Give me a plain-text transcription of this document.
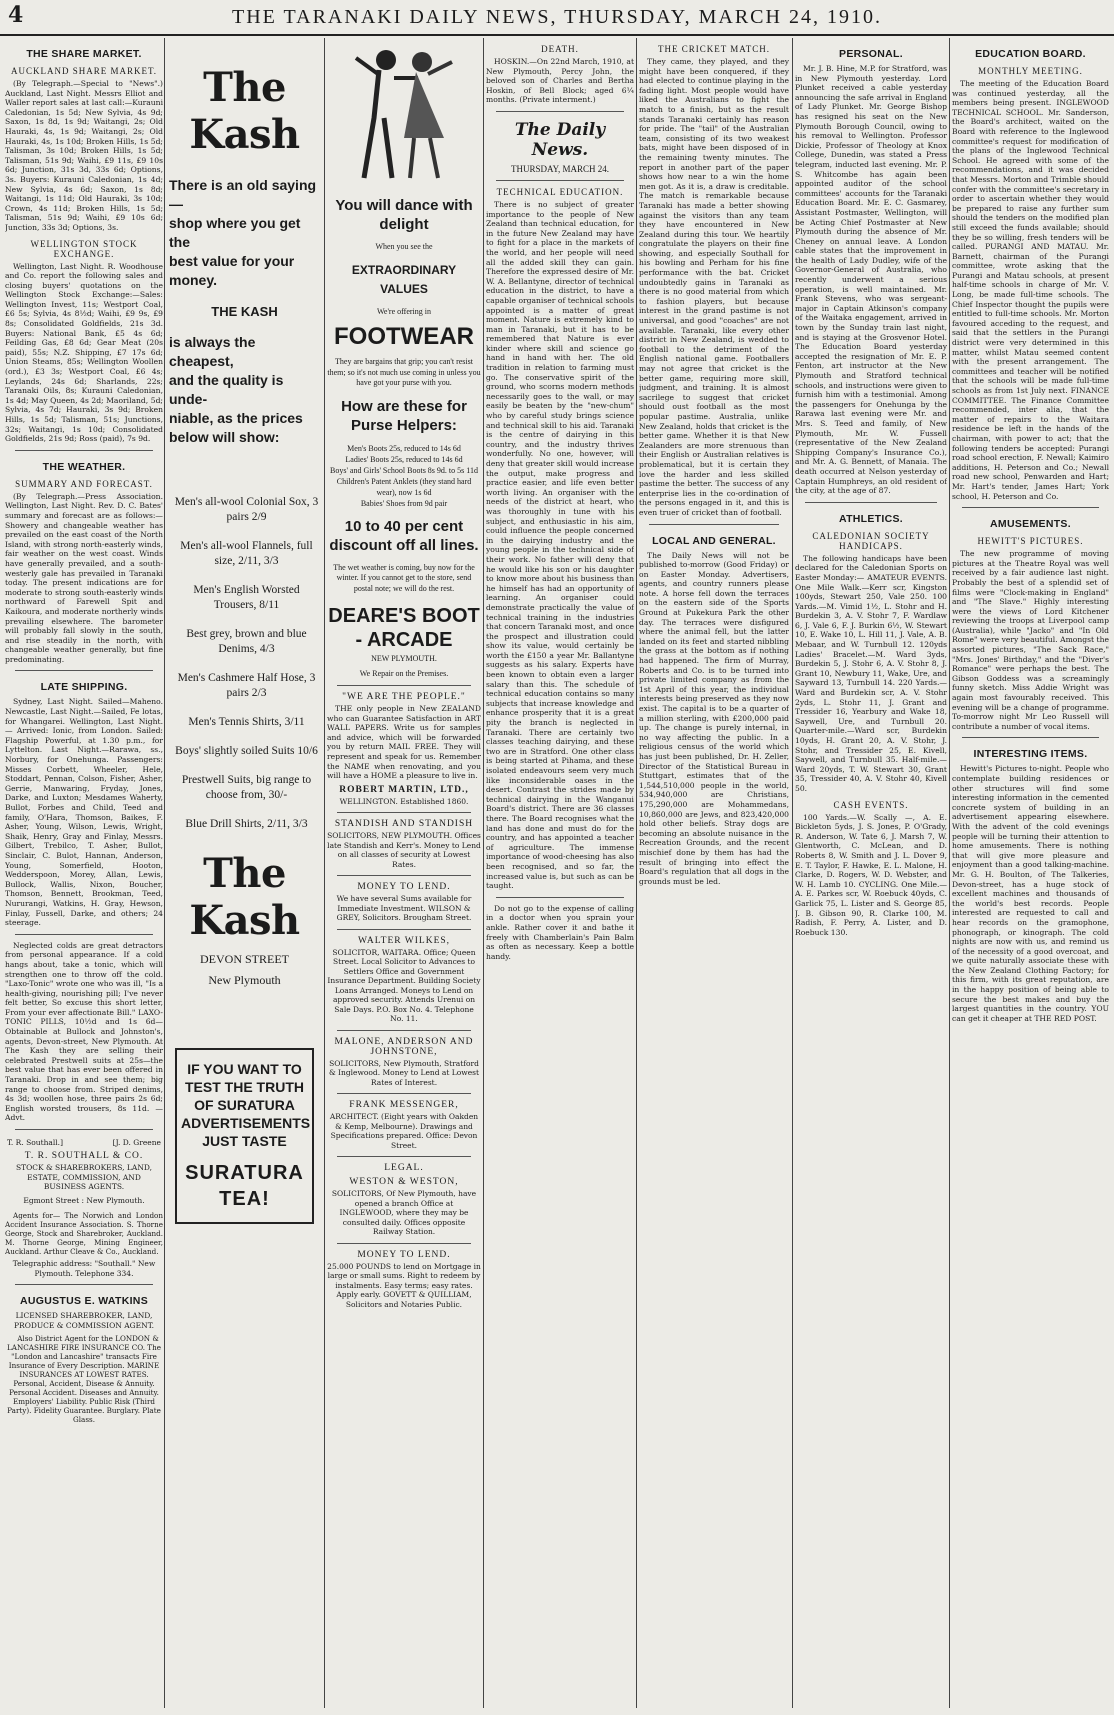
4	THE TARANAKI DAILY NEWS, THURSDAY, MARCH 24, 1910.
THE SHARE MARKET.
AUCKLAND SHARE MARKET.

(By Telegraph.—Special to "News".) Auckland, Last Night. Messrs Elliot and Waller report sales at last call:—Kurauni Caledonian, 1s 5d; New Sylvia, 4s 9d; Saxon, 1s 8d, 1s 9d; Waitangi, 2s; Old Hauraki, 4s, 1s 9d; Waitangi, 2s; Old Hauraki, 4s, 1s 10d; Broken Hills, 1s 5d; Talisman, 3s 10d; Broken Hills, 1s 5d; Talisman, 51s 9d; Waihi, £9 11s, £9 10s 6d; Junction, 31s 3d, 33s 6d; Options, 3s. Buyers: Kurauni Caledonian, 1s 4d; New Sylvia, 4s 6d; Saxon, 1s 8d; Waitangi, 1s 11d; Old Hauraki, 3s 10d; Crown, 4s 11d; Broken Hills, 1s 5d; Talisman, 51s 9d; Waihi, £9 10s 6d; Junction, 33s 3d; Options, 3s.

WELLINGTON STOCK EXCHANGE.

Wellington, Last Night. R. Woodhouse and Co. report the following sales and closing buyers' quotations on the Wellington Stock Exchange:—Sales: Wellington Invest, 11s; Westport Coal, £6 5s; Sylvia, 4s 8½d; Waihi, £9 9s, £9 8s; Consolidated Goldfields, 21s 3d. Buyers: National Bank, £5 4s 6d; Feilding Gas, £8 6d; Gear Meat (20s paid), 55s; N.Z. Shipping, £7 17s 6d; Union Steams, 85s; Wellington Woollen (ord.), £3 3s; Westport Coal, £6 4s; Leylands, 24s 6d; Sharlands, 22s; Taranaki Oils, 8s; Kurauni Caledonian, 1s 4d; May Queen, 4s 2d; Maoriland, 5d; Sylvia, 4s 7d; Hauraki, 3s 9d; Broken Hills, 1s 5d; Talisman, 51s; Junctions, 32s; Waitangi, 1s 10d; Consolidated Goldfields, 21s 9d; Ross (paid), 7s 9d.

THE WEATHER.
SUMMARY AND FORECAST.

(By Telegraph.—Press Association. Wellington, Last Night. Rev. D. C. Bates' summary and forecast are as follows:—Showery and changeable weather has prevailed on the east coast of the North Island, with strong north-easterly winds, fair weather on the west coast. Winds have generally prevailed, and a south-westerly gale has prevailed in Taranaki today. The present indications are for moderate to strong south-easterly winds northward of Farewell Spit and Kaikoura, and moderate northerly winds prevailing elsewhere. The barometer will probably fall slowly in the south, and rise steadily in the north, with changeable weather generally, but fine predominating.

LATE SHIPPING.

Sydney, Last Night. Sailed—Maheno. Newcastle, Last Night.—Sailed, Fe lotas, for Whangarei. Wellington, Last Night. — Arrived: Ionic, from London. Sailed: Flagship Powerful, at 1.30 p.m., for Lyttelton. Last Night.—Rarawa, ss., Norbury, for Onehunga. Passengers: Misses Corbett, Wheeler, Hele, Stoddart, Pennan, Colson, Fisher, Asher, Gerrie, Manwaring, Fryday, Jones, Darke, and Luxton; Mesdames Waherty, Bullot, Forbes and Child, Teed and family, O'Hara, Thomson, Baikes, F. Asher, Young, Wilson, Lewis, Wright, Shaik, Henry, Gray and Finlay, Messrs. Gilbert, Trebilco, T. Asher, Bullot, Sinclair, C. Bulot, Hannan, Anderson, Young, Somerfield, Hooton, Wedderspoon, Morey, Allan, Lewis, Bullock, Wallis, Nixon, Boucher, Thomson, Bennett, Brookman, Teed, Nururangi, Watkins, H. Gray, Hewson, Finlay, Fussell, Darke, and others; 24 steerage.

Neglected colds are great detractors from personal appearance. If a cold hangs about, take a tonic, which will strengthen one to throw off the cold. "Laxo-Tonic" wrote one who was ill, "Is a health-giving, nourishing pill; I've never felt better, So excuse this short letter, From your ever affectionate Bill." LAXO-TONIC PILLS, 10½d and 1s 6d—Obtainable at Bullock and Johnston's, agents, Devon-street, New Plymouth. At The Kash they are selling their celebrated Prestwell suits at 25s—the best value that has ever been offered in Taranaki. Drop in and see them; big range to choose from. Striped denims, 4s 3d; woollen hose, three pairs 2s 6d; English worsted trousers, 8s 11d. —Advt.

T. R. Southall.]	[J. D. Greene
T. R. SOUTHALL & CO.
STOCK & SHAREBROKERS, LAND, ESTATE, COMMISSION, AND BUSINESS AGENTS.
Egmont Street : New Plymouth.

Agents for— The Norwich and London Accident Insurance Association. S. Thorne George, Stock and Sharebroker, Auckland. M. Thorne George, Mining Engineer, Auckland. Arthur Cleave & Co., Auckland.

Telegraphic address: "Southall." New Plymouth. Telephone 334.
AUGUSTUS E. WATKINS
LICENSED SHAREBROKER, LAND, PRODUCE & COMMISSION AGENT.

Also District Agent for the LONDON & LANCASHIRE FIRE INSURANCE CO. The "London and Lancashire" transacts Fire Insurance of Every Description. MARINE INSURANCES AT LOWEST RATES. Personal, Accident, Disease & Annuity. Personal Accident. Diseases and Annuity. Employers' Liability. Public Risk (Third Party). Fidelity Guarantee. Burglary. Plate Glass.

The Kash
There is an old saying—
shop where you get the
best value for your
money.
THE KASH
is always the cheapest,
and the quality is unde-
niable, as the prices
below will show:
Men's all-wool Colonial Sox, 3 pairs 2/9
Men's all-wool Flannels, full size, 2/11, 3/3
Men's English Worsted Trousers, 8/11
Best grey, brown and blue Denims, 4/3
Men's Cashmere Half Hose, 3 pairs 2/3
Men's Tennis Shirts, 3/11
Boys' slightly soiled Suits 10/6
Prestwell Suits, big range to choose from, 30/-
Blue Drill Shirts, 2/11, 3/3
The Kash
DEVON STREET
New Plymouth
IF YOU WANT TO TEST THE TRUTH OF SURATURA ADVERTISEMENTS JUST TASTE
SURATURA TEA!
You will dance with delight
When you see the
EXTRAORDINARY VALUES
We're offering in
FOOTWEAR
They are bargains that grip; you can't resist them; so it's not much use coming in unless you have got your purse with you.
How are these for Purse Helpers:
Men's Boots 25s, reduced to 14s 6d
Ladies' Boots 25s, reduced to 14s 6d
Boys' and Girls' School Boots 8s 9d. to 5s 11d
Children's Patent Anklets (they stand hard wear), now 1s 6d
Babies' Shoes from 9d pair
10 to 40 per cent discount off all lines.
The wet weather is coming, buy now for the winter. If you cannot get to the store, send postal note; we will do the rest.
DEARE'S BOOT - ARCADE
NEW PLYMOUTH.
We Repair on the Premises.
"WE ARE THE PEOPLE."

THE only people in New ZEALAND who can Guarantee Satisfaction in ART WALL PAPERS. Write us for samples and advice, which will be forwarded you by return MAIL FREE. They will represent and speak for us. Remember the NAME when renovating, and you will have a HOME a pleasure to live in.

ROBERT MARTIN, LTD.,
WELLINGTON. Established 1860.
STANDISH AND STANDISH
SOLICITORS, NEW PLYMOUTH. Offices late Standish and Kerr's. Money to Lend on all classes of security at Lowest Rates.
MONEY TO LEND.
We have several Sums available for Immediate Investment. WILSON & GREY, Solicitors. Brougham Street.
WALTER WILKES,
SOLICITOR, WAITARA. Office; Queen Street. Local Solicitor to Advances to Settlers Office and Government Insurance Department. Building Society Loans Arranged. Moneys to Lend on approved security. Attends Urenui on Sale Days. P.O. Box No. 4. Telephone No. 11.
MALONE, ANDERSON AND JOHNSTONE,
SOLICITORS, New Plymouth, Stratford & Inglewood. Money to Lend at Lowest Rates of Interest.
FRANK MESSENGER,
ARCHITECT. (Eight years with Oakden & Kemp, Melbourne). Drawings and Specifications prepared. Office: Devon Street.
LEGAL.
WESTON & WESTON,
SOLICITORS, Of New Plymouth, have opened a branch Office at INGLEWOOD, where they may be consulted daily. Offices opposite Railway Station.
MONEY TO LEND.
25.000 POUNDS to lend on Mortgage in large or small sums. Right to redeem by instalments. Easy terms; easy rates. Apply early. GOVETT & QUILLIAM, Solicitors and Notaries Public.
DEATH.

HOSKIN.—On 22nd March, 1910, at New Plymouth, Percy John, the beloved son of Charles and Bertha Hoskin, of Bell Block; aged 6¼ months. (Private interment.)

The Daily News.
THURSDAY, MARCH 24.
TECHNICAL EDUCATION.

There is no subject of greater importance to the people of New Zealand than technical education, for in the future New Zealand may have to fight for a place in the markets of the world, and her people will need all the added skill they can gain. Therefore the expressed desire of Mr. W. A. Bellantyne, director of technical education in the district, to have a capable organiser of technical schools appointed is a matter of great moment. Nature is extremely kind to man in Taranaki, but it has to be remembered that Nature is ever kinder where skill and science go hand in hand with her. The old tradition in relation to farming must go. The conservative spirit of the ground, who scorns modern methods necessarily goes to the wall, or may easily be beaten by the "new-chum" who by careful study brings science and technical skill to his aid. Taranaki is the centre of dairying in this country, and the industry thrives wonderfully. No one, however, will deny that greater skill would increase the output, make progress and practice easier, and life even better worth living. An organiser with the needs of the district at heart, who was thoroughly in tune with his subject, and enthusiastic in his aim, could influence the people concerned in the dairying industry and the young people in the technical side of their work. No father will deny that he would like his son or his daughter to know more about his business than he himself has had an opportunity of learning. An organiser could demonstrate practically the value of technical training in the industries that concern Taranaki most, and once the prospect and illustration could show its value, would certainly be worth the £150 a year Mr. Ballantyne suggests as his salary. Experts have been known to obtain even a larger salary than this. The schedule of technical education contains so many subjects that increase knowledge and enhance prosperity that it is a great pity the branch is neglected in Taranaki. There are certainly two classes teaching dairying, and these two are in Stratford. One other class is being started at Pihama, and these isolated endeavours seem very much like inconsiderable oases in the desert. Contrast the strides made by technical dairying in the Wanganui Board's district. There are 36 classes there. The Board recognises what the land has done and must do for the country, and has appointed a teacher of agriculture. The immense importance of wood-cheesing has also been recognised, and so far, the increased value is, but such as can be taught.

Do not go to the expense of calling in a doctor when you sprain your ankle. Rather cover it and bathe it freely with Chamberlain's Pain Balm as often as necessary. Keep a bottle handy.

THE CRICKET MATCH.

They came, they played, and they might have been conquered, if they had elected to continue playing in the fading light. Most people would have liked the Australians to fight the match to a finish, but as the result stands Taranaki certainly has reason for pride. The "tail" of the Australian team, consisting of its two weakest bats, might have been disposed of in the remaining twenty minutes. The report in another part of the paper shows how near to a win the home men got. As it is, a draw is creditable. The match is remarkable because Taranaki has made a better showing against the visitors than any team they have encountered in New Zealand during this tour. We heartily congratulate the players on their fine showing, and especially Southall for his bowling and Perham for his fine performance with the bat. Cricket undoubtedly gains in Taranaki as there is no good material from which to fashion players, but because interest in the grand pastime is not universal, and good "coaches" are not available. Taranaki, like every other district in New Zealand, is wedded to football to the detriment of the English national game. Footballers may not agree that cricket is the better game, requiring more skill, judgment, and training. It is almost sacrilege to suggest that cricket should oust football as the most popular pastime. Australia, unlike New Zealand, holds that cricket is the better game. Whether it is that New Zealanders are more strenuous than their English or Australian relatives is problematical, but it is certain they love the harder and less skilled pastime the better. The success of any enterprise lies in the co-ordination of the persons engaged in it, and this is even truer of cricket than of football.

LOCAL AND GENERAL.

The Daily News will not be published to-morrow (Good Friday) or on Easter Monday. Advertisers, agents, and country runners please note. A horse fell down the terraces on the eastern side of the Sports Ground at Pukekura Park the other day. The terraces were disfigured where the animal fell, but the latter landed on its feet and started nibbling the grass at the bottom as if nothing had happened. The firm of Murray, Roberts and Co. is to be turned into private limited company as from the 1st April of this year, the individual interests being preserved as they now exist. The capital is to be a quarter of a million sterling, with £200,000 paid up. The change is purely internal, in no way affecting the public. In a religious census of the world which has just been published, Dr. H. Zeller, Director of the Statistical Bureau in Stuttgart, estimates that of the 1,544,510,000 people in the world, 534,940,000 are Christians, 175,290,000 are Mohammedans, 10,860,000 are Jews, and 823,420,000 hold other beliefs. Stray dogs are becoming an absolute nuisance in the Recreation Grounds, and the recent mischief done by them has had the result of bringing into effect the Board's regulation that all dogs in the grounds must be led.

PERSONAL.

Mr. J. B. Hine, M.P. for Stratford, was in New Plymouth yesterday. Lord Plunket received a cable yesterday announcing the safe arrival in England of Lady Plunket. Mr. George Bishop has resigned his seat on the New Plymouth Borough Council, owing to his removal to Wellington. Professor Dickie, Professor of Theology at Knox College, Dunedin, was stated a Press telegram, inducted last evening. Mr. P. S. Whitcombe has again been appointed auditor of the school committees' accounts for the Taranaki Education Board. Mr. E. C. Gasmarey, Assistant Postmaster, Wellington, will be Acting Chief Postmaster at New Plymouth during the absence of Mr. Cheney on annual leave. A London cable states that the improvement in the health of Lady Dudley, wife of the Governor-General of Australia, who recently underwent a serious operation, is well maintained. Mr. Frank Stevens, who was sergeant-major in Captain Atkinson's company of the Waitaka engagement, arrived in town by the Sunday train last night, and is staying at the Grosvenor Hotel. The Education Board yesterday accepted the resignation of Mr. E. P. Fenton, art instructor at the New Plymouth and Stratford technical schools, and instructions were given to furnish him with a testimonial. Among the passengers for Onehunga by the Rarawa last evening were Mr. and Mrs. S. Teed and family, of New Plymouth, Mr. W. Fussell (representative of the New Zealand Shipping Company's Insurance Co.), and Mr. A. G. Bennett, of Manaia. The death occurred at Nelson yesterday of Captain Humphreys, an old resident of the city, at the age of 87.

ATHLETICS.
CALEDONIAN SOCIETY HANDICAPS.

The following handicaps have been declared for the Caledonian Sports on Easter Monday:— AMATEUR EVENTS. One Mile Walk.—Kerr scr, Kingston 100yds, Stewart 250, Vale 250. 100 Yards.—M. Vimid 1½, L. Stohr and H. Burdekin 3, A. V. Stohr 7, F. Wardlaw 6, J. Vale 6, F. J. Burkin 6½, W. Stewart 10, E. Wake 10, L. Hill 11, J. Vale, A. B. Mebaar, and W. Turnbull 12. 120yds Ladies' Bracelet.—M. Ward 3yds, Burdekin 5, J. Stohr 6, A. V. Stohr 8, J. Grant 10, Newbury 11, Wake, Ure, and Sayward 13, Turnbull 14. 220 Yards.—Ward and Burdekin scr, A. V. Stohr 2yds, L. Stohr 11, J. Grant and Tressider 16, Yearbury and Wake 18, Saywell, Ure, and Turnbull 20. Quarter-mile.—Ward scr, Burdekin 10yds, H. Grant 20, A. V. Stohr, J. Stohr, and Tressider 25, E. Kivell, Saywell, and Turnbull 35. Half-mile.—Ward 20yds, T. W. Stewart 30, Grant 35, Tressider 40, A. V. Stohr 40, Kivell 50.

CASH EVENTS.

100 Yards.—W. Scally —, A. E. Bickleton 5yds, J. S. Jones, P. O'Grady, R. Anderson, W. Tate 6, J. Marsh 7, W. Glentworth, C. McLean, and D. Roberts 8, W. Smith and J. L. Dover 9, E. T. Taylor, F. Hawke, E. L. Malone, H. Clarke, D. Rogers, W. D. Webster, and W. H. Lamb 10. CYCLING. One Mile.—A. E. Parkes scr, W. Roebuck 40yds, C. Garlick 75, L. Lister and S. George 85, J. B. Gibson 90, R. Clarke 100, M. Radish, F. Perry, A. Lister, and D. Roebuck 130.

EDUCATION BOARD.
MONTHLY MEETING.

The meeting of the Education Board was continued yesterday, all the members being present. INGLEWOOD TECHNICAL SCHOOL. Mr. Sanderson, the Board's architect, waited on the Board with reference to the Inglewood committee's request for modification of the plans of the Inglewood Technical School. He agreed with some of the recommendations, and it was decided that Messrs. Morton and Trimble should confer with the committee's secretary in order to ascertain whether they would be prepared to raise any further sum should the tenders on the modified plan still exceed the funds available; should they be so willing, fresh tenders will be called. PURANGI AND MATAU. Mr. Barnett, chairman of the Purangi committee, wrote asking that the Purangi and Matau schools, at present half-time schools in charge of Mr. V. Long, be made full-time schools. The Chief Inspector thought the pupils were entitled to full-time schools. Mr. Morton favoured acceding to the request, and said that the settlers in the Purangi district were very determined in this matter, whilst Matau seemed content with the present arrangement. The committees and teacher will be notified that the schools will be made full-time schools as from 1st July next. FINANCE COMMITTEE. The Finance Committee recommended, inter alia, that the matter of repairs to the Waitara residence be left in the hands of the chairman, with power to act; that the following tenders be accepted: Purangi road school erection, F. Newall; Kaimiro additions, H. Peterson and Co.; Newall road new school, Penwarden and Hart; Mr. Hart's tender, James Hart; York school, H. Peterson and Co.

AMUSEMENTS.
HEWITT'S PICTURES.

The new programme of moving pictures at the Theatre Royal was well received by a fair audience last night. Probably the best of a splendid set of films were "Clock-making in England" and "The Slave." Highly interesting were the views of Lord Kitchener reviewing the troops at Liverpool camp (Australia), while "Jacko" and "In Old Rome" were very beautiful. Amongst the assorted pictures, "The Sack Race," "Mrs. Jones' Birthday," and the "Diver's Romance" were perhaps the best. The Gibson Goddess was a screamingly funny sketch. Miss Addie Wright was again most favourably received. This evening will be a change of programme. To-morrow night Mr Leo Russell will contribute a number of vocal items.

INTERESTING ITEMS.

Hewitt's Pictures to-night. People who contemplate building residences or other structures will find some interesting information in the cemented concrete system of building in an advertisement appearing elsewhere. With the advent of the cold evenings people will be turning their attention to home amusements. There is nothing that will give more pleasure and enjoyment than a good talking-machine. Mr. G. H. Boulton, of The Talkeries, Devon-street, has a huge stock of excellent machines and thousands of the world's best records. People interested are requested to call and hear records on the gramophone, phonograph, or kinograph. The cold nights are now with us, and remind us of the necessity of a good overcoat, and we quite naturally associate these with the New Zealand Clothing Factory; for this firm, with its great reputation, are in the happy position of being able to secure the best makes and buy the largest quantities in the country. YOU can get it cheaper at THE RED POST.
